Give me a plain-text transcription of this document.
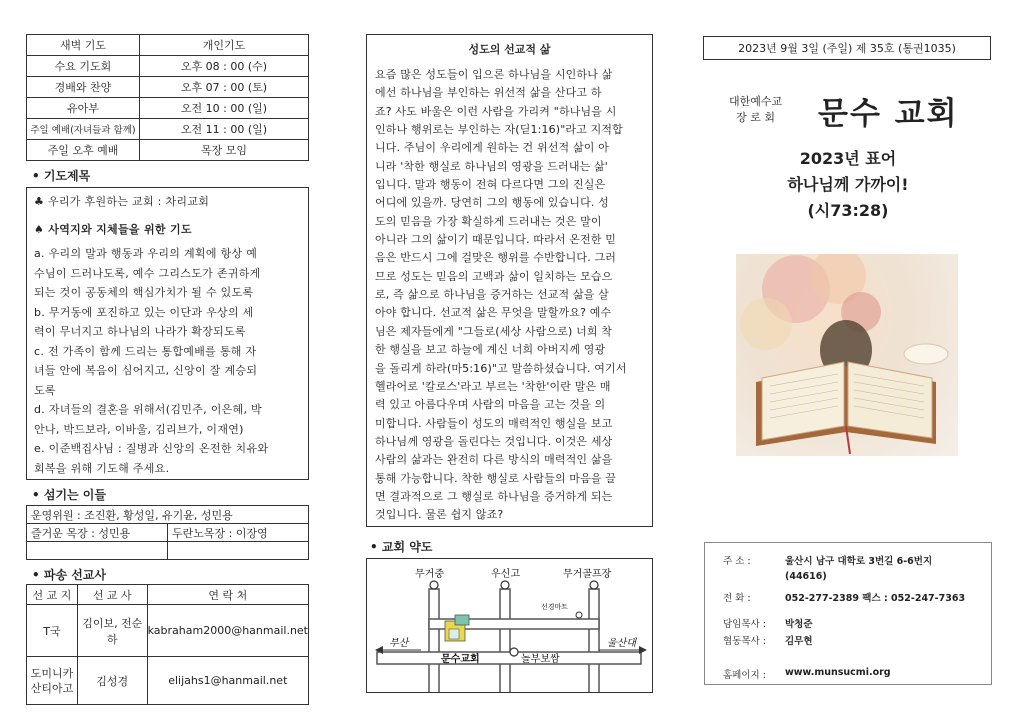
새벽 기도	개인기도
수요 기도회	오후 08 : 00 (수)
경배와 찬양	오후 07 : 00 (토)
유아부	오전 10 : 00 (일)
주일 예배(자녀들과 함께)	오전 11 : 00 (일)
주일 오후 예배	목장 모임
• 기도제목

♣ 우리가 후원하는 교회 : 차리교회

♠ 사역지와 지체들을 위한 기도

a. 우리의 말과 행동과 우리의 계획에 항상 예

수님이 드러나도록, 예수 그리스도가 존귀하게

되는 것이 공동체의 핵심가치가 될 수 있도록

b. 무거동에 포진하고 있는 이단과 우상의 세

력이 무너지고 하나님의 나라가 확장되도록

c. 전 가족이 함께 드리는 통합예배를 통해 자

녀들 안에 복음이 심어지고, 신앙이 잘 계승되

도록

d. 자녀들의 결혼을 위해서(김민주, 이은혜, 박

안나, 박드보라, 이바울, 김리브가, 이재연)

e. 이준백집사님 : 질병과 신앙의 온전한 치유와

회복을 위해 기도해 주세요.

• 섬기는 이들
운영위원 : 조진환, 황성일, 유기윤, 성민용	
즐거운 목장 : 성민용	두란노목장 : 이장영

• 파송 선교사
선 교 지	선 교 사	연 락 처
T국	김이보, 전순하	kabraham2000@hanmail.net
도미니카
산티아고	김성경	elijahs1@hanmail.net
성도의 선교적 삶

요즘 많은 성도들이 입으론 하나님을 시인하나 삶

에선 하나님을 부인하는 위선적 삶을 산다고 하

죠? 사도 바울은 이런 사람을 가리켜 "하나님을 시

인하나 행위로는 부인하는 자(딛1:16)"라고 지적합

니다. 주님이 우리에게 원하는 건 위선적 삶이 아

니라 '착한 행실로 하나님의 영광을 드러내는 삶'

입니다. 말과 행동이 전혀 다르다면 그의 진실은

어디에 있을까. 당연히 그의 행동에 있습니다. 성

도의 믿음을 가장 확실하게 드러내는 것은 말이

아니라 그의 삶이기 때문입니다. 따라서 온전한 믿

음은 반드시 그에 걸맞은 행위를 수반합니다. 그러

므로 성도는 믿음의 고백과 삶이 일치하는 모습으

로, 즉 삶으로 하나님을 증거하는 선교적 삶을 살

아야 합니다. 선교적 삶은 무엇을 말할까요? 예수

님은 제자들에게 "그들로(세상 사람으로) 너희 착

한 행실을 보고 하늘에 계신 너희 아버지께 영광

을 돌리게 하라(마5:16)"고 말씀하셨습니다. 여기서

헬라어로 '칼로스'라고 부르는 '착한'이란 말은 매

력 있고 아름다우며 사람의 마음을 고는 것을 의

미합니다. 사람들이 성도의 매력적인 행실을 보고

하나님께 영광을 돌린다는 것입니다. 이것은 세상

사람의 삶과는 완전히 다른 방식의 매력적인 삶을

통해 가능합니다. 착한 행실로 사람들의 마음을 끌

면 결과적으로 그 행실로 하나님을 증거하게 되는

것입니다. 물론 쉽지 않죠?

• 교회 약도
무거중	우신고	무거골프장
선경마트
문수교회	놀부보쌈
부산	울산대
2023년 9월 3일 (주일) 제 35호 (통권1035)
대한예수교
장 로 회 문수 교회
2023년 표어
하나님께 가까이!
(시73:28)
주 소 :	울산시 남구 대학로 3번길 6-6번지
(44616)
전 화 :	052-277-2389 팩스 : 052-247-7363
담임목사 :	박청준
협동목사 :	김무현
홈페이지 :	www.munsucmi.org
